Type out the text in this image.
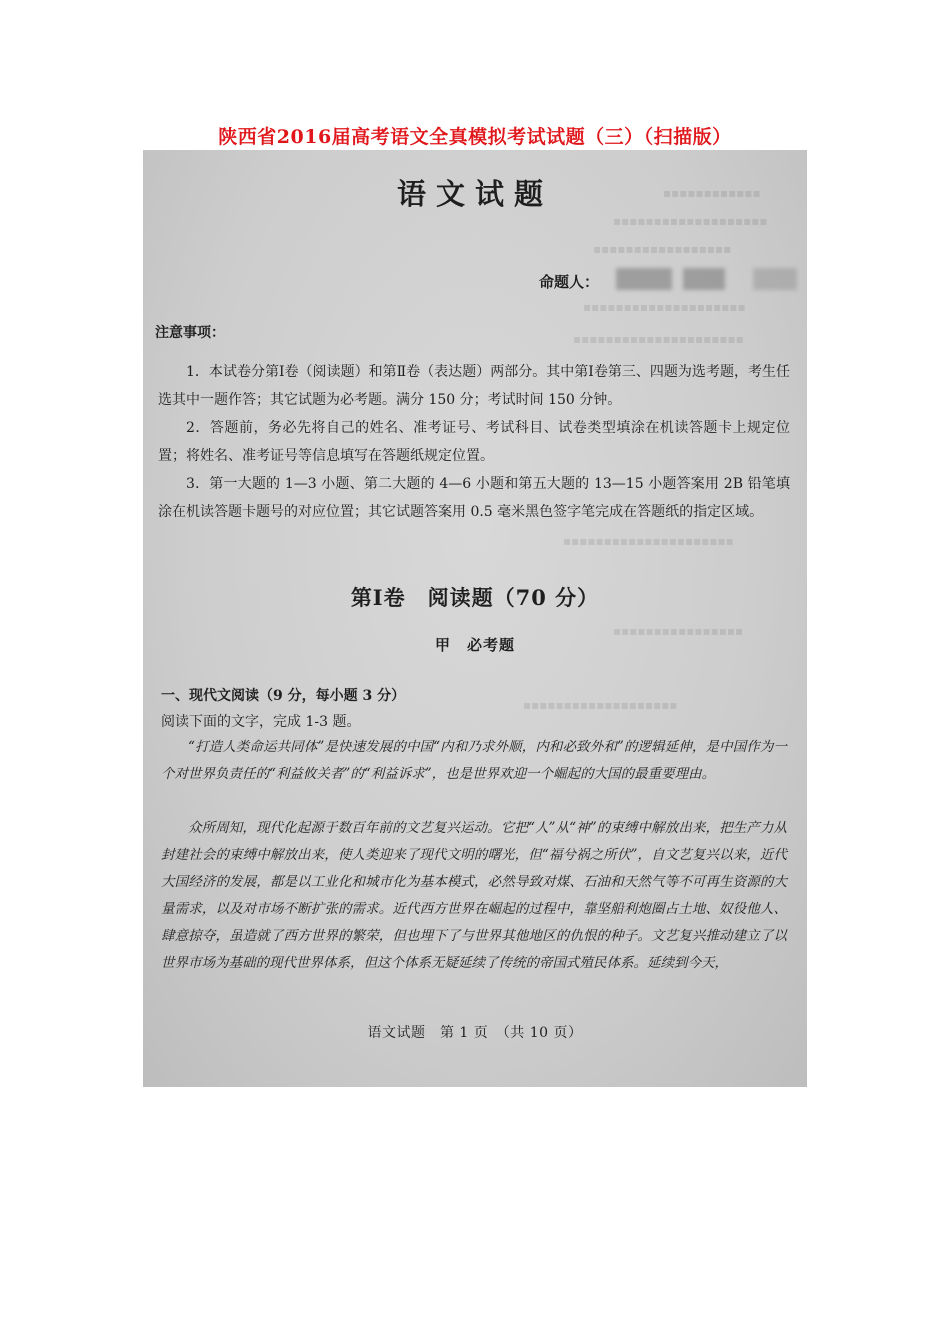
陕西省2016届高考语文全真模拟考试试题（三）（扫描版）
▪▪▪▪▪▪▪▪▪▪▪▪
▪▪▪▪▪▪▪▪▪▪▪▪▪▪▪▪▪▪▪
▪▪▪▪▪▪▪▪▪▪▪▪▪▪▪▪▪
▪▪▪▪▪▪▪▪▪▪▪▪▪▪▪▪▪▪▪▪
▪▪▪▪▪▪▪▪▪▪▪▪▪▪▪▪▪▪▪▪▪
▪▪▪▪▪▪▪▪▪▪▪▪▪▪▪▪▪▪▪▪▪
▪▪▪▪▪▪▪▪▪▪▪▪▪▪▪▪
▪▪▪▪▪▪▪▪▪▪▪▪▪▪▪▪▪▪▪
语文试题
命题人：
注意事项：

1．本试卷分第Ⅰ卷（阅读题）和第Ⅱ卷（表达题）两部分。其中第Ⅰ卷第三、四题为选考题，考生任选其中一题作答；其它试题为必考题。满分 150 分；考试时间 150 分钟。

2．答题前，务必先将自己的姓名、准考证号、考试科目、试卷类型填涂在机读答题卡上规定位置；将姓名、准考证号等信息填写在答题纸规定位置。

3．第一大题的 1—3 小题、第二大题的 4—6 小题和第五大题的 13—15 小题答案用 2B 铅笔填涂在机读答题卡题号的对应位置；其它试题答案用 0.5 毫米黑色签字笔完成在答题纸的指定区域。

第Ⅰ卷　阅读题（70 分）
甲　必考题
一、现代文阅读（9 分，每小题 3 分）
阅读下面的文字，完成 1-3 题。

“打造人类命运共同体”是快速发展的中国“内和乃求外顺，内和必致外和”的逻辑延伸，是中国作为一个对世界负责任的“利益攸关者”的“利益诉求”，也是世界欢迎一个崛起的大国的最重要理由。

众所周知，现代化起源于数百年前的文艺复兴运动。它把“人”从“神”的束缚中解放出来，把生产力从封建社会的束缚中解放出来，使人类迎来了现代文明的曙光，但“福兮祸之所伏”，自文艺复兴以来，近代大国经济的发展，都是以工业化和城市化为基本模式，必然导致对煤、石油和天然气等不可再生资源的大量需求，以及对市场不断扩张的需求。近代西方世界在崛起的过程中，靠坚船利炮圈占土地、奴役他人、肆意掠夺，虽造就了西方世界的繁荣，但也埋下了与世界其他地区的仇恨的种子。文艺复兴推动建立了以世界市场为基础的现代世界体系，但这个体系无疑延续了传统的帝国式殖民体系。延续到今天，

语文试题　第 1 页　（共 10 页）
